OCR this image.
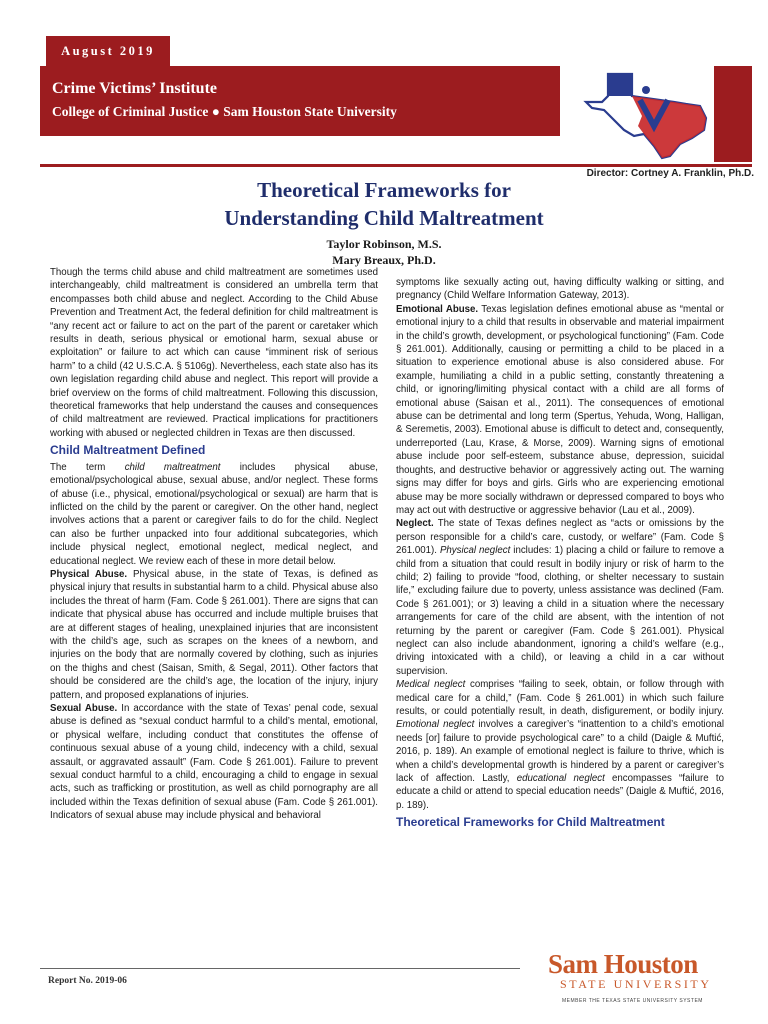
August 2019
Crime Victims’ Institute
College of Criminal Justice ● Sam Houston State University
Director: Cortney A. Franklin, Ph.D.
Theoretical Frameworks for
Understanding Child Maltreatment
Taylor Robinson, M.S.
Mary Breaux, Ph.D.

Though the terms child abuse and child maltreatment are sometimes used interchangeably, child maltreatment is considered an umbrella term that encompasses both child abuse and neglect. According to the Child Abuse Prevention and Treatment Act, the federal definition for child maltreatment is “any recent act or failure to act on the part of the parent or caretaker which results in death, serious physical or emotional harm, sexual abuse or exploitation” or failure to act which can cause “imminent risk of serious harm” to a child (42 U.S.C.A. § 5106g). Nevertheless, each state also has its own legislation regarding child abuse and neglect. This report will provide a brief overview on the forms of child maltreatment. Following this discussion, theoretical frameworks that help understand the causes and consequences of child maltreatment are reviewed. Practical implications for practitioners working with abused or neglected children in Texas are then discussed.

Child Maltreatment Defined

The term child maltreatment includes physical abuse, emotional/psychological abuse, sexual abuse, and/or neglect. These forms of abuse (i.e., physical, emotional/psychological or sexual) are harm that is inflicted on the child by the parent or caregiver. On the other hand, neglect involves actions that a parent or caregiver fails to do for the child. Neglect can also be further unpacked into four additional subcategories, which include physical neglect, emotional neglect, medical neglect, and educational neglect. We review each of these in more detail below.

Physical Abuse. Physical abuse, in the state of Texas, is defined as physical injury that results in substantial harm to a child. Physical abuse also includes the threat of harm (Fam. Code § 261.001). There are signs that can indicate that physical abuse has occurred and include multiple bruises that are at different stages of healing, unexplained injuries that are inconsistent with the child’s age, such as scrapes on the knees of a newborn, and injuries on the body that are normally covered by clothing, such as injuries on the thighs and chest (Saisan, Smith, & Segal, 2011). Other factors that should be considered are the child’s age, the location of the injury, injury pattern, and proposed explanations of injuries.

Sexual Abuse. In accordance with the state of Texas’ penal code, sexual abuse is defined as “sexual conduct harmful to a child’s mental, emotional, or physical welfare, including conduct that constitutes the offense of continuous sexual abuse of a young child, indecency with a child, sexual assault, or aggravated assault” (Fam. Code § 261.001). Failure to prevent sexual conduct harmful to a child, encouraging a child to engage in sexual acts, such as trafficking or prostitution, as well as child pornography are all included within the Texas definition of sexual abuse (Fam. Code § 261.001). Indicators of sexual abuse may include physical and behavioral

symptoms like sexually acting out, having difficulty walking or sitting, and pregnancy (Child Welfare Information Gateway, 2013).

Emotional Abuse. Texas legislation defines emotional abuse as “mental or emotional injury to a child that results in observable and material impairment in the child’s growth, development, or psychological functioning” (Fam. Code § 261.001). Additionally, causing or permitting a child to be placed in a situation to experience emotional abuse is also considered abuse. For example, humiliating a child in a public setting, constantly threatening a child, or ignoring/limiting physical contact with a child are all forms of emotional abuse (Saisan et al., 2011). The consequences of emotional abuse can be detrimental and long term (Spertus, Yehuda, Wong, Halligan, & Seremetis, 2003). Emotional abuse is difficult to detect and, consequently, underreported (Lau, Krase, & Morse, 2009). Warning signs of emotional abuse include poor self-esteem, substance abuse, depression, suicidal thoughts, and destructive behavior or aggressively acting out. The warning signs may differ for boys and girls. Girls who are experiencing emotional abuse may be more socially withdrawn or depressed compared to boys who may act out with destructive or aggressive behavior (Lau et al., 2009).

Neglect. The state of Texas defines neglect as “acts or omissions by the person responsible for a child’s care, custody, or welfare” (Fam. Code § 261.001). Physical neglect includes: 1) placing a child or failure to remove a child from a situation that could result in bodily injury or risk of harm to the child; 2) failing to provide “food, clothing, or shelter necessary to sustain life,” excluding failure due to poverty, unless assistance was declined (Fam. Code § 261.001); or 3) leaving a child in a situation where the necessary arrangements for care of the child are absent, with the intention of not returning by the parent or caregiver (Fam. Code § 261.001). Physical neglect can also include abandonment, ignoring a child’s welfare (e.g., driving intoxicated with a child), or leaving a child in a car without supervision.

Medical neglect comprises “failing to seek, obtain, or follow through with medical care for a child,” (Fam. Code § 261.001) in which such failure results, or could potentially result, in death, disfigurement, or bodily injury. Emotional neglect involves a caregiver’s “inattention to a child’s emotional needs [or] failure to provide psychological care” to a child (Daigle & Muftić, 2016, p. 189). An example of emotional neglect is failure to thrive, which is when a child’s developmental growth is hindered by a parent or caregiver’s lack of affection. Lastly, educational neglect encompasses “failure to educate a child or attend to special education needs” (Daigle & Muftić, 2016, p. 189).

Theoretical Frameworks for Child Maltreatment
Report No. 2019-06
Sam Houston
STATE UNIVERSITY
MEMBER THE TEXAS STATE UNIVERSITY SYSTEM
